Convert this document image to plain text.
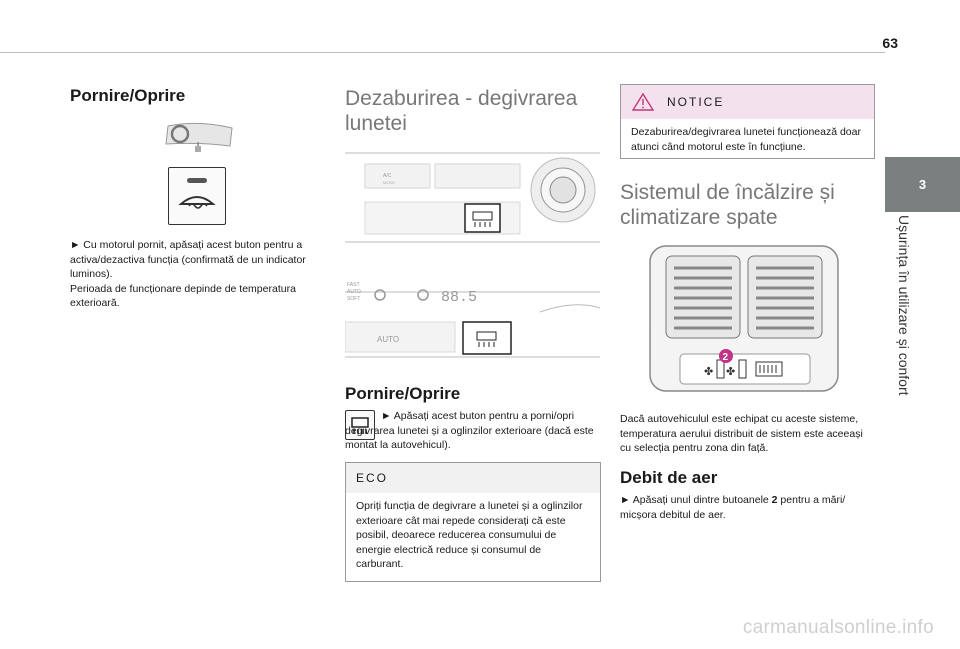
63
3
Ușurința în utilizare și confort
Pornire/Oprire
► Cu motorul pornit, apăsați acest buton pentru a activa/dezactiva funcția (confirmată de un indicator luminos).
Perioada de funcționare depinde de temperatura exterioară.
Dezaburirea - degivrarea lunetei
A/C
MODE
FAST
AUTO
SOFT	88.5
AUTO
Pornire/Oprire
► Apăsați acest buton pentru a porni/opri degivrarea lunetei și a oglinzilor exterioare (dacă este montat la autovehicul).
ECO
Opriți funcția de degivrare a lunetei și a oglinzilor exterioare cât mai repede considerați că este posibil, deoarece reducerea consumului de energie electrică reduce și consumul de carburant.
NOTICE
Dezaburirea/degivrarea lunetei funcționează doar atunci când motorul este în funcțiune.
Sistemul de încălzire și climatizare spate
✤ ✤
2
Dacă autovehiculul este echipat cu aceste sisteme, temperatura aerului distribuit de sistem este aceeași cu selecția pentru zona din față.
Debit de aer
► Apăsați unul dintre butoanele 2 pentru a mări/ micșora debitul de aer.
carmanualsonline.info
